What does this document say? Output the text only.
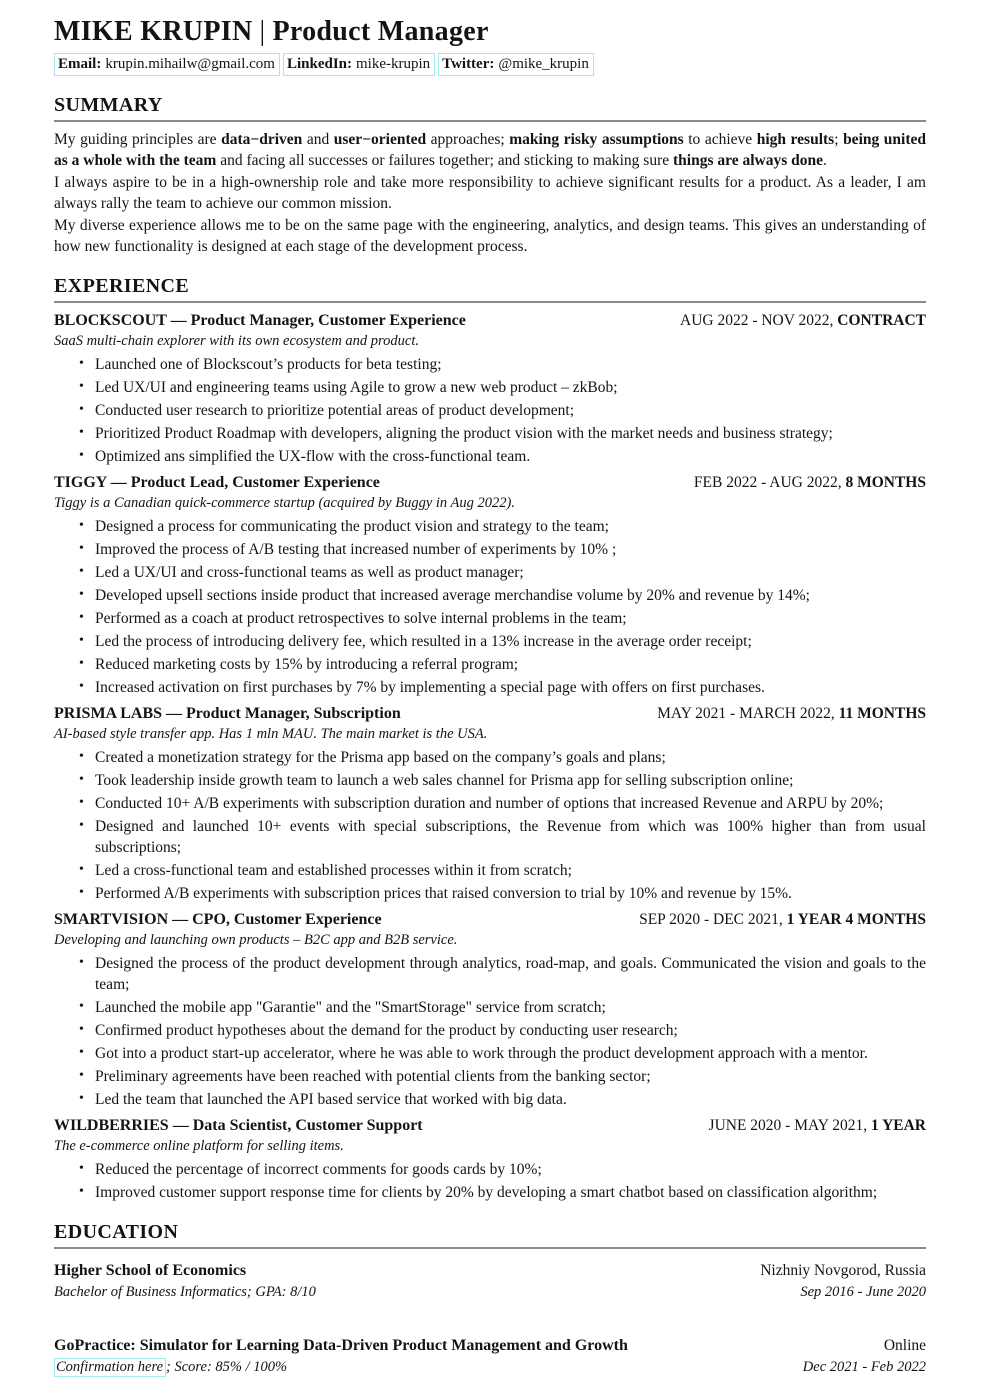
MIKE KRUPIN | Product Manager
Email: krupin.mihailw@gmail.com LinkedIn: mike-krupin Twitter: @mike_krupin
SUMMARY

My guiding principles are data−driven and user−oriented approaches; making risky assumptions to achieve high results; being united as a whole with the team and facing all successes or failures together; and sticking to making sure things are always done.

I always aspire to be in a high-ownership role and take more responsibility to achieve significant results for a product. As a leader, I am always rally the team to achieve our common mission.

My diverse experience allows me to be on the same page with the engineering, analytics, and design teams. This gives an understanding of how new functionality is designed at each stage of the development process.

EXPERIENCE
BLOCKSCOUT — Product Manager, Customer Experience	AUG 2022 - NOV 2022, CONTRACT
SaaS multi-chain explorer with its own ecosystem and product.
• Launched one of Blockscout’s products for beta testing;
• Led UX/UI and engineering teams using Agile to grow a new web product – zkBob;
• Conducted user research to prioritize potential areas of product development;
• Prioritized Product Roadmap with developers, aligning the product vision with the market needs and business strategy;
• Optimized ans simplified the UX-flow with the cross-functional team.
TIGGY — Product Lead, Customer Experience	FEB 2022 - AUG 2022, 8 MONTHS
Tiggy is a Canadian quick-commerce startup (acquired by Buggy in Aug 2022).
• Designed a process for communicating the product vision and strategy to the team;
• Improved the process of A/B testing that increased number of experiments by 10% ;
• Led a UX/UI and cross-functional teams as well as product manager;
• Developed upsell sections inside product that increased average merchandise volume by 20% and revenue by 14%;
• Performed as a coach at product retrospectives to solve internal problems in the team;
• Led the process of introducing delivery fee, which resulted in a 13% increase in the average order receipt;
• Reduced marketing costs by 15% by introducing a referral program;
• Increased activation on first purchases by 7% by implementing a special page with offers on first purchases.
PRISMA LABS — Product Manager, Subscription	MAY 2021 - MARCH 2022, 11 MONTHS
AI-based style transfer app. Has 1 mln MAU. The main market is the USA.
• Created a monetization strategy for the Prisma app based on the company’s goals and plans;
• Took leadership inside growth team to launch a web sales channel for Prisma app for selling subscription online;
• Conducted 10+ A/B experiments with subscription duration and number of options that increased Revenue and ARPU by 20%;
• Designed and launched 10+ events with special subscriptions, the Revenue from which was 100% higher than from usual subscriptions;
• Led a cross-functional team and established processes within it from scratch;
• Performed A/B experiments with subscription prices that raised conversion to trial by 10% and revenue by 15%.
SMARTVISION — CPO, Customer Experience	SEP 2020 - DEC 2021, 1 YEAR 4 MONTHS
Developing and launching own products – B2C app and B2B service.
• Designed the process of the product development through analytics, road-map, and goals. Communicated the vision and goals to the team;
• Launched the mobile app "Garantie" and the "SmartStorage" service from scratch;
• Confirmed product hypotheses about the demand for the product by conducting user research;
• Got into a product start-up accelerator, where he was able to work through the product development approach with a mentor.
• Preliminary agreements have been reached with potential clients from the banking sector;
• Led the team that launched the API based service that worked with big data.
WILDBERRIES — Data Scientist, Customer Support	JUNE 2020 - MAY 2021, 1 YEAR
The e-commerce online platform for selling items.
• Reduced the percentage of incorrect comments for goods cards by 10%;
• Improved customer support response time for clients by 20% by developing a smart chatbot based on classification algorithm;
EDUCATION
Higher School of Economics	Nizhniy Novgorod, Russia
Bachelor of Business Informatics; GPA: 8/10	Sep 2016 - June 2020
GoPractice: Simulator for Learning Data-Driven Product Management and Growth	Online
Confirmation here ; Score: 85% / 100%	Dec 2021 - Feb 2022
